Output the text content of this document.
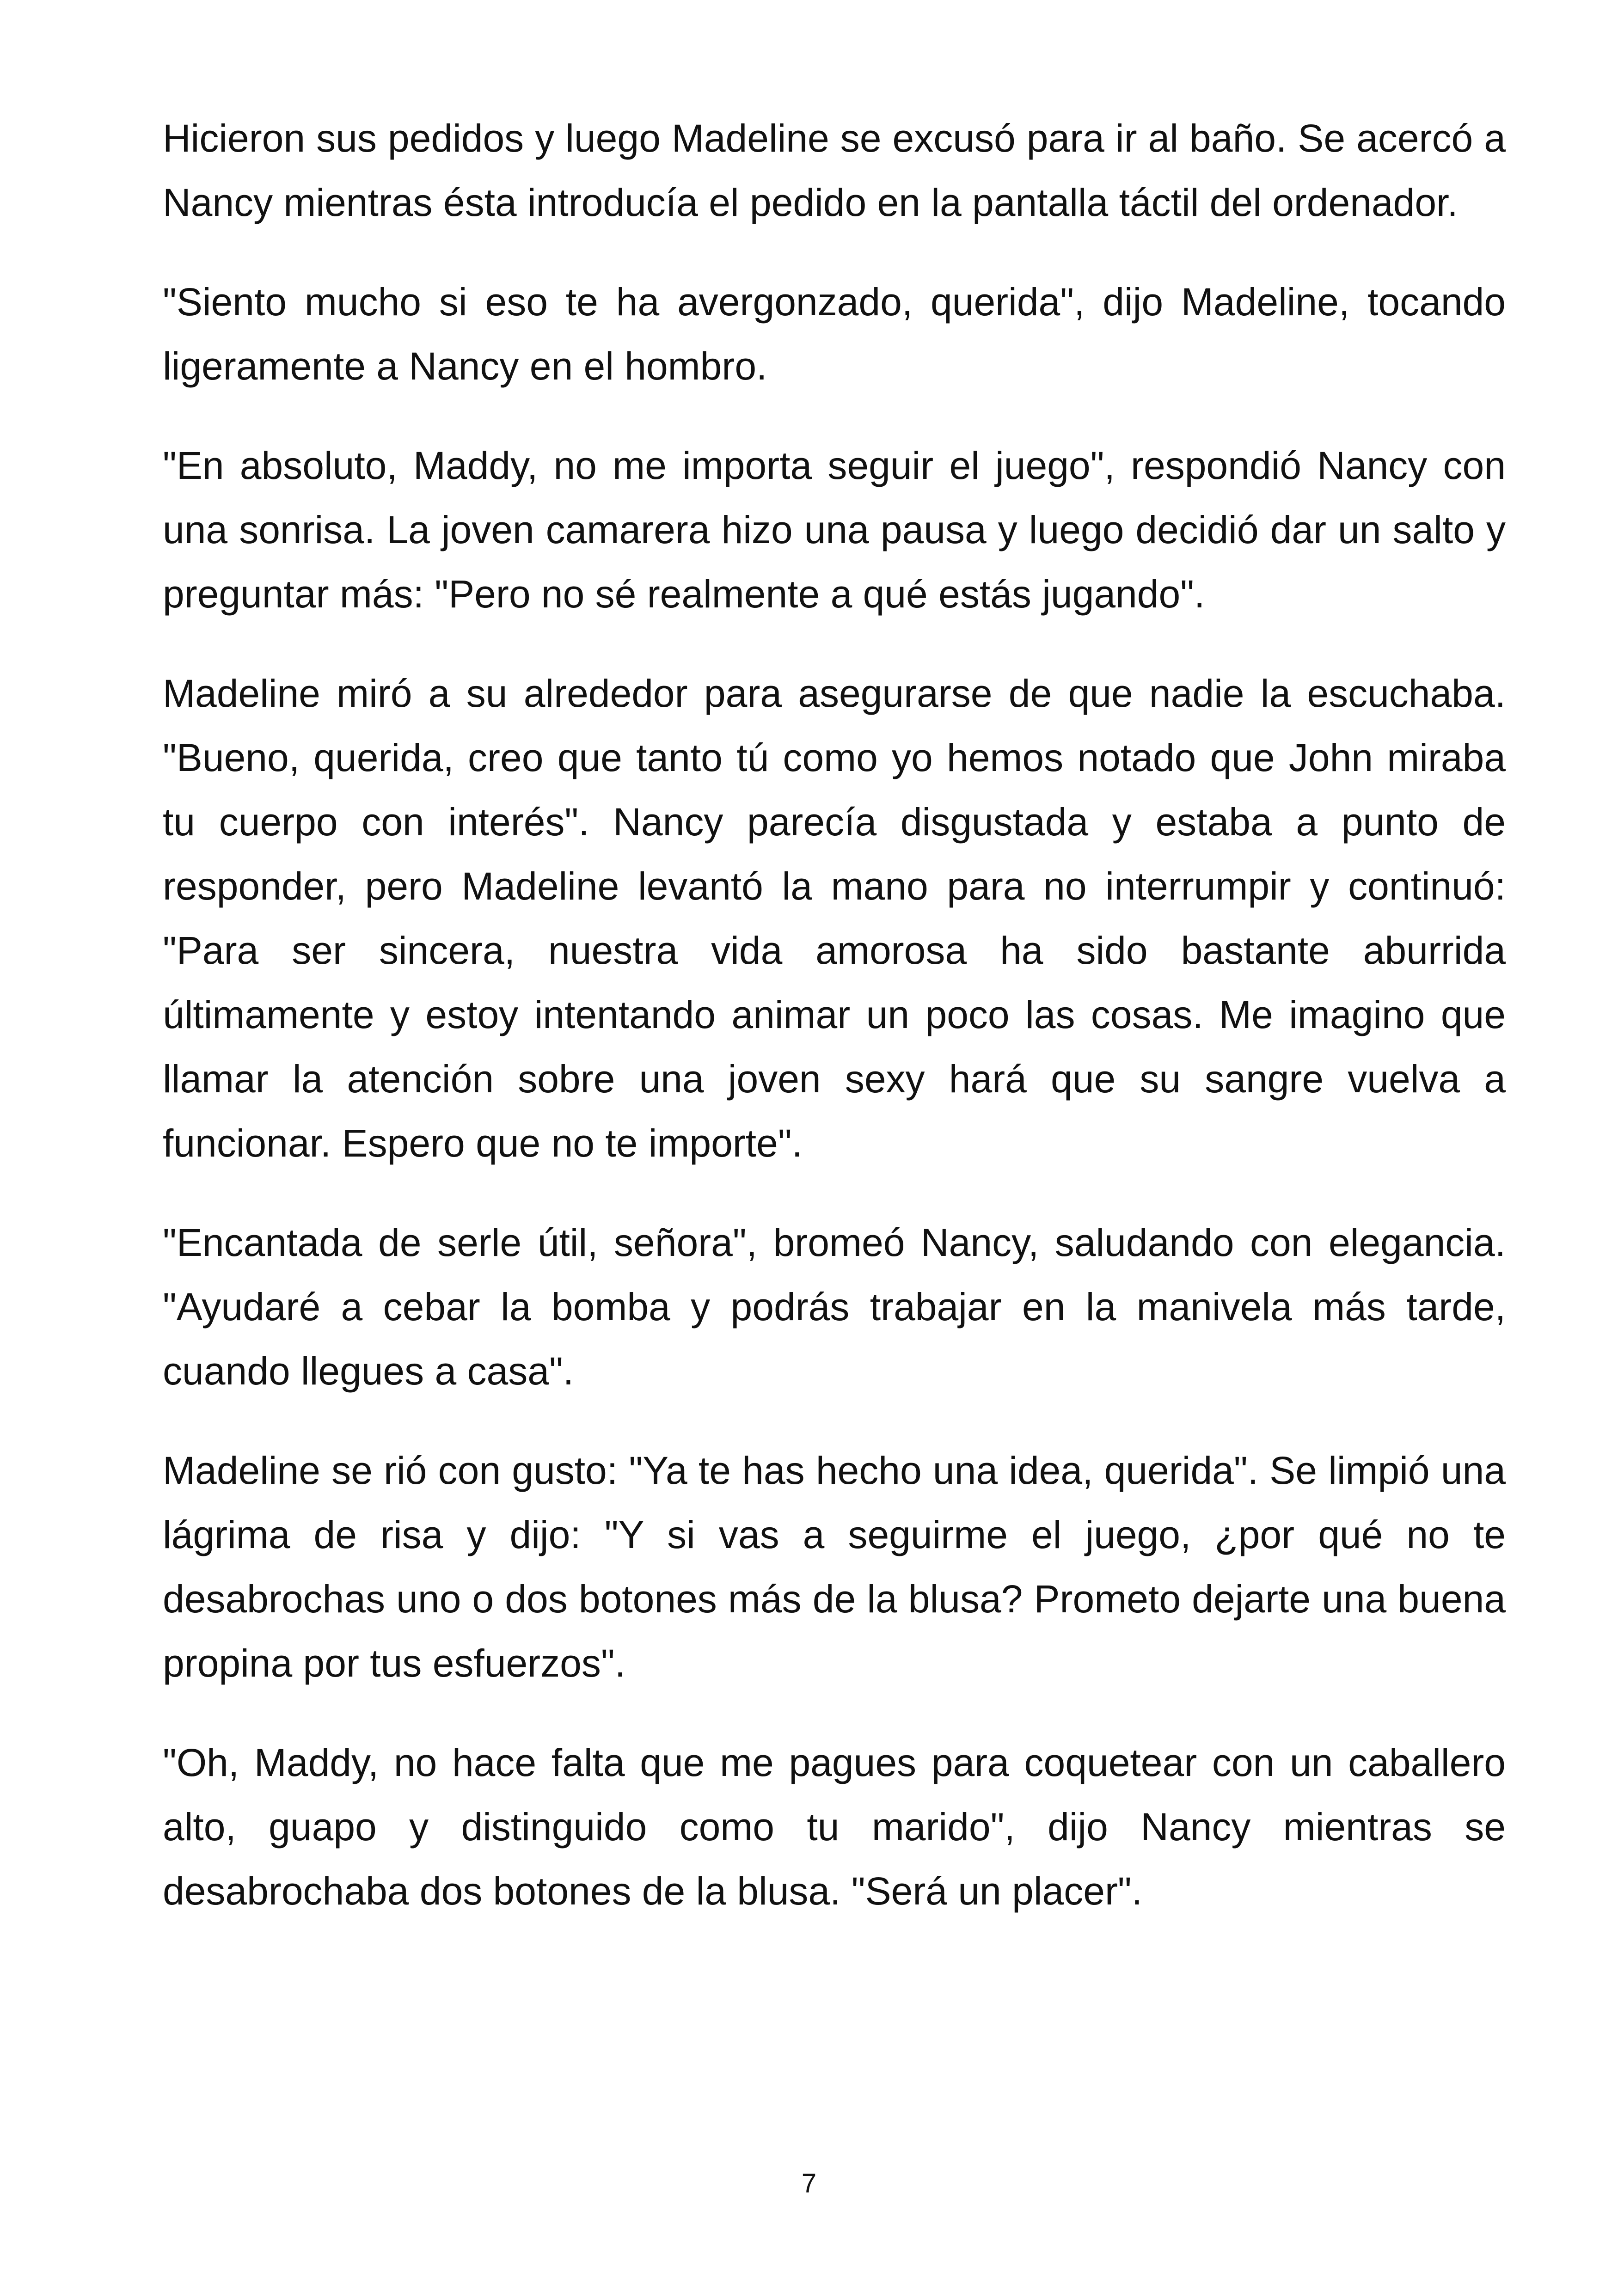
Hicieron sus pedidos y luego Madeline se excusó para ir al baño. Se acercó a Nancy mientras ésta introducía el pedido en la pantalla táctil del ordenador.

"Siento mucho si eso te ha avergonzado, querida", dijo Madeline, tocando ligeramente a Nancy en el hombro.

"En absoluto, Maddy, no me importa seguir el juego", respondió Nancy con una sonrisa. La joven camarera hizo una pausa y luego decidió dar un salto y preguntar más: "Pero no sé realmente a qué estás jugando".

Madeline miró a su alrededor para asegurarse de que nadie la escuchaba. "Bueno, querida, creo que tanto tú como yo hemos notado que John miraba tu cuerpo con interés". Nancy parecía disgustada y estaba a punto de responder, pero Madeline levantó la mano para no interrumpir y continuó: "Para ser sincera, nuestra vida amorosa ha sido bastante aburrida últimamente y estoy intentando animar un poco las cosas. Me imagino que llamar la atención sobre una joven sexy hará que su sangre vuelva a funcionar. Espero que no te importe".

"Encantada de serle útil, señora", bromeó Nancy, saludando con elegancia. "Ayudaré a cebar la bomba y podrás trabajar en la manivela más tarde, cuando llegues a casa".

Madeline se rió con gusto: "Ya te has hecho una idea, querida". Se limpió una lágrima de risa y dijo: "Y si vas a seguirme el juego, ¿por qué no te desabrochas uno o dos botones más de la blusa? Prometo dejarte una buena propina por tus esfuerzos".

"Oh, Maddy, no hace falta que me pagues para coquetear con un caballero alto, guapo y distinguido como tu marido", dijo Nancy mientras se desabrochaba dos botones de la blusa. "Será un placer".

7
